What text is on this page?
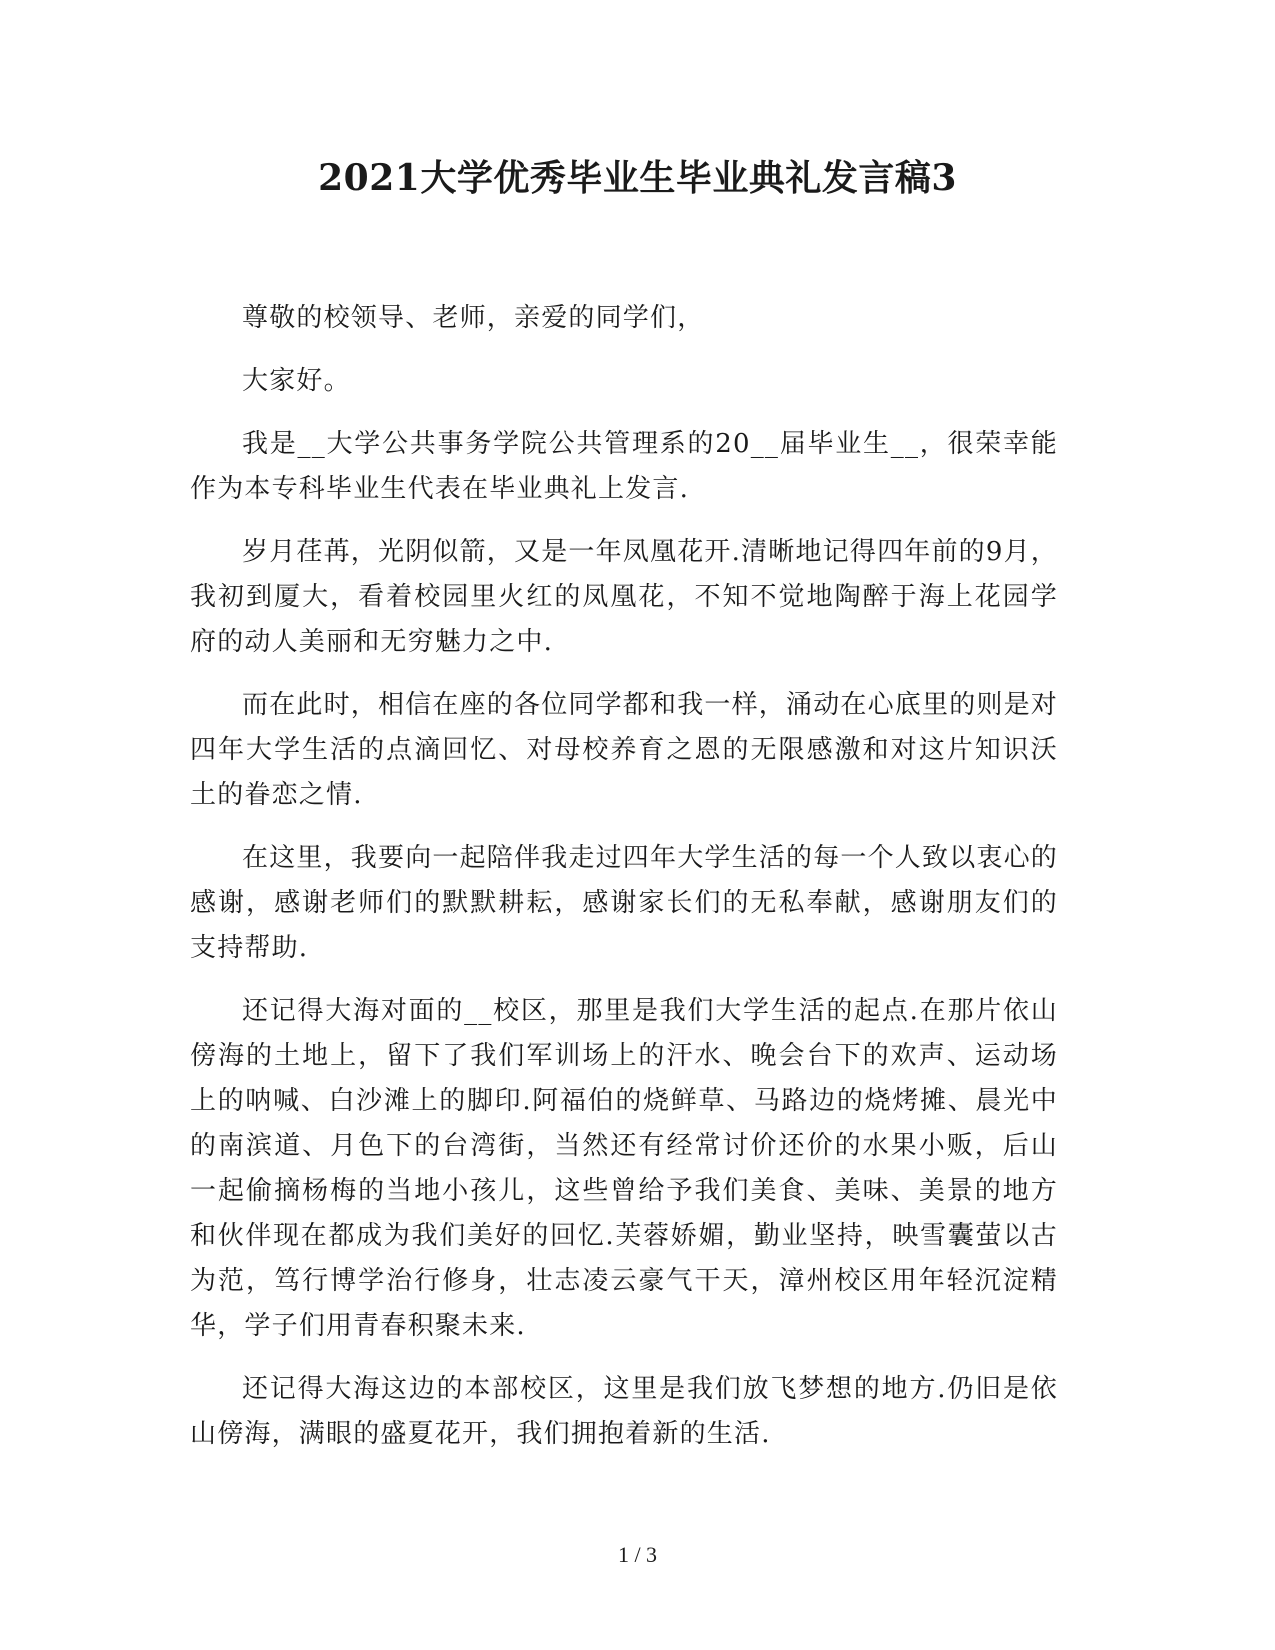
2021大学优秀毕业生毕业典礼发言稿3

尊敬的校领导、老师，亲爱的同学们，

大家好。

我是__大学公共事务学院公共管理系的20__届毕业生__，很荣幸能作为本专科毕业生代表在毕业典礼上发言.

岁月荏苒，光阴似箭，又是一年凤凰花开.清晰地记得四年前的9月，我初到厦大，看着校园里火红的凤凰花，不知不觉地陶醉于海上花园学府的动人美丽和无穷魅力之中.

而在此时，相信在座的各位同学都和我一样，涌动在心底里的则是对四年大学生活的点滴回忆、对母校养育之恩的无限感激和对这片知识沃土的眷恋之情.

在这里，我要向一起陪伴我走过四年大学生活的每一个人致以衷心的感谢，感谢老师们的默默耕耘，感谢家长们的无私奉献，感谢朋友们的支持帮助.

还记得大海对面的__校区，那里是我们大学生活的起点.在那片依山傍海的土地上，留下了我们军训场上的汗水、晚会台下的欢声、运动场上的呐喊、白沙滩上的脚印.阿福伯的烧鲜草、马路边的烧烤摊、晨光中的南滨道、月色下的台湾街，当然还有经常讨价还价的水果小贩，后山一起偷摘杨梅的当地小孩儿，这些曾给予我们美食、美味、美景的地方和伙伴现在都成为我们美好的回忆.芙蓉娇媚，勤业坚持，映雪囊萤以古为范，笃行博学治行修身，壮志凌云豪气干天，漳州校区用年轻沉淀精华，学子们用青春积聚未来.

还记得大海这边的本部校区，这里是我们放飞梦想的地方.仍旧是依山傍海，满眼的盛夏花开，我们拥抱着新的生活.

1 / 3
